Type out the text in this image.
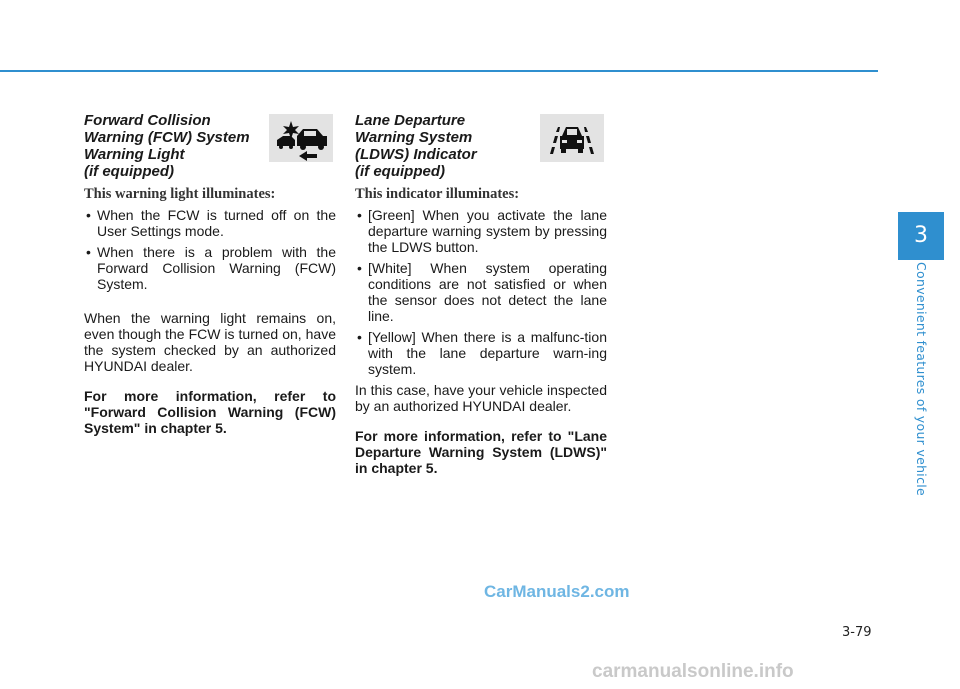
Forward Collision
Warning (FCW) System
Warning Light
(if equipped)
This warning light illuminates:
• When the FCW is turned off on the User Settings mode.
• When there is a problem with the Forward Collision Warning (FCW) System.

When the warning light remains on, even though the FCW is turned on, have the system checked by an authorized HYUNDAI dealer.

For more information, refer to "Forward Collision Warning (FCW) System" in chapter 5.

Lane Departure
Warning System
(LDWS) Indicator
(if equipped)
This indicator illuminates:
• [Green] When you activate the lane departure warning system by pressing the LDWS button.
• [White] When system operating conditions are not satisfied or when the sensor does not detect the lane line.
• [Yellow] When there is a malfunc-tion with the lane departure warn-ing system.

In this case, have your vehicle inspected by an authorized HYUNDAI dealer.

For more information, refer to "Lane Departure Warning System (LDWS)" in chapter 5.

3
Convenient features of your vehicle
3-79
CarManuals2.com
carmanualsonline.info
